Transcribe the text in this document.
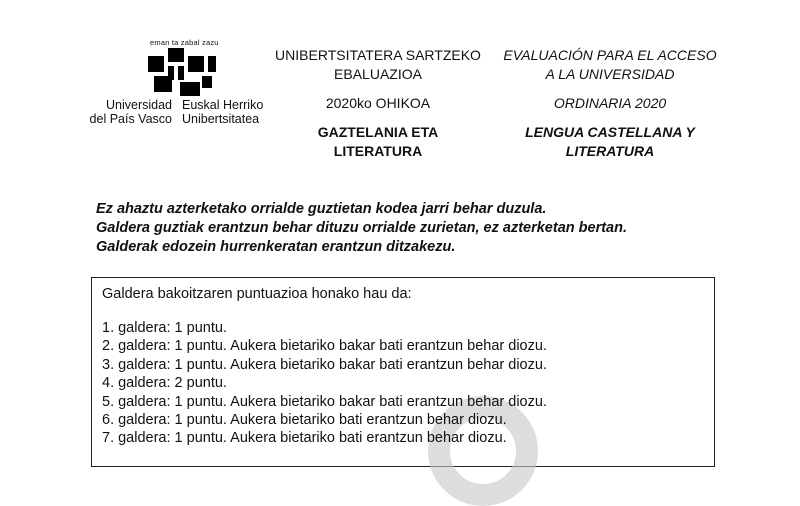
eman ta zabal zazu
Universidad
del País Vasco
Euskal Herriko
Unibertsitatea
UNIBERTSITATERA SARTZEKO
EBALUAZIOA
2020ko OHIKOA
GAZTELANIA ETA LITERATURA
EVALUACIÓN PARA EL ACCESO
A LA UNIVERSIDAD
ORDINARIA 2020
LENGUA CASTELLANA Y
LITERATURA
Ez ahaztu azterketako orrialde guztietan kodea jarri behar duzula.
Galdera guztiak erantzun behar dituzu orrialde zurietan, ez azterketan bertan.
Galderak edozein hurrenkeratan erantzun ditzakezu.
Galdera bakoitzaren puntuazioa honako hau da:
1. galdera: 1 puntu.
2. galdera: 1 puntu. Aukera bietariko bakar bati erantzun behar diozu.
3. galdera: 1 puntu. Aukera bietariko bakar bati erantzun behar diozu.
4. galdera: 2 puntu.
5. galdera: 1 puntu. Aukera bietariko bakar bati erantzun behar diozu.
6. galdera: 1 puntu. Aukera bietariko bati erantzun behar diozu.
7. galdera: 1 puntu. Aukera bietariko bati erantzun behar diozu.
